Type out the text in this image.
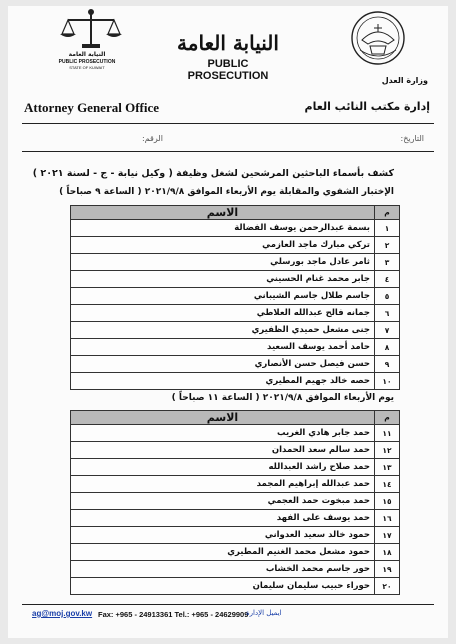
وزارة العدل
النيابة العامة
PUBLIC PROSECUTION
النيابة العامة
PUBLIC PROSECUTION
STATE OF KUWAIT
Attorney General Office	إدارة مكتب النائب العام
التاريخ:
الرقم:
كشف بأسماء الباحثين المرشحين لشغل وظيفة ( وكيل نيابة - ج - لسنة ٢٠٢١ )
الإختبار الشفوي والمقابلة يوم الأربعاء الموافق ٢٠٢١/٩/٨ ( الساعة ٩ صباحاً )
م	الاسم
١	بسمة عبدالرحمن يوسف الفضالة
٢	تركي مبارك ماجد العازمي
٣	ثامر عادل ماجد بورسلي
٤	جابر محمد غنام الحسيني
٥	جاسم طلال جاسم الشيباني
٦	جمانه فالح عبدالله العلاطي
٧	جنى مشعل حميدي الظفيري
٨	حامد أحمد يوسف السعيد
٩	حسن فيصل حسن الأنصاري
١٠	حصه خالد جهيم المطيري
يوم الأربعاء الموافق ٢٠٢١/٩/٨ ( الساعة ١١ صباحاً )
م	الاسم
١١	حمد جابر هادي الغريب
١٢	حمد سالم سعد الحمدان
١٣	حمد صلاح راشد العبدالله
١٤	حمد عبدالله إبراهيم المجمد
١٥	حمد مبخوت حمد العجمي
١٦	حمد يوسف على الفهد
١٧	حمود خالد سعيد العدواني
١٨	حمود مشعل محمد الغنيم المطيري
١٩	حور جاسم محمد الخشاب
٢٠	حوراء حبيب سليمان سليمان
ag@moj.gov.kw Fax: +965 - 24913361 Tel.: +965 - 24629909
ايميل الإدارة
